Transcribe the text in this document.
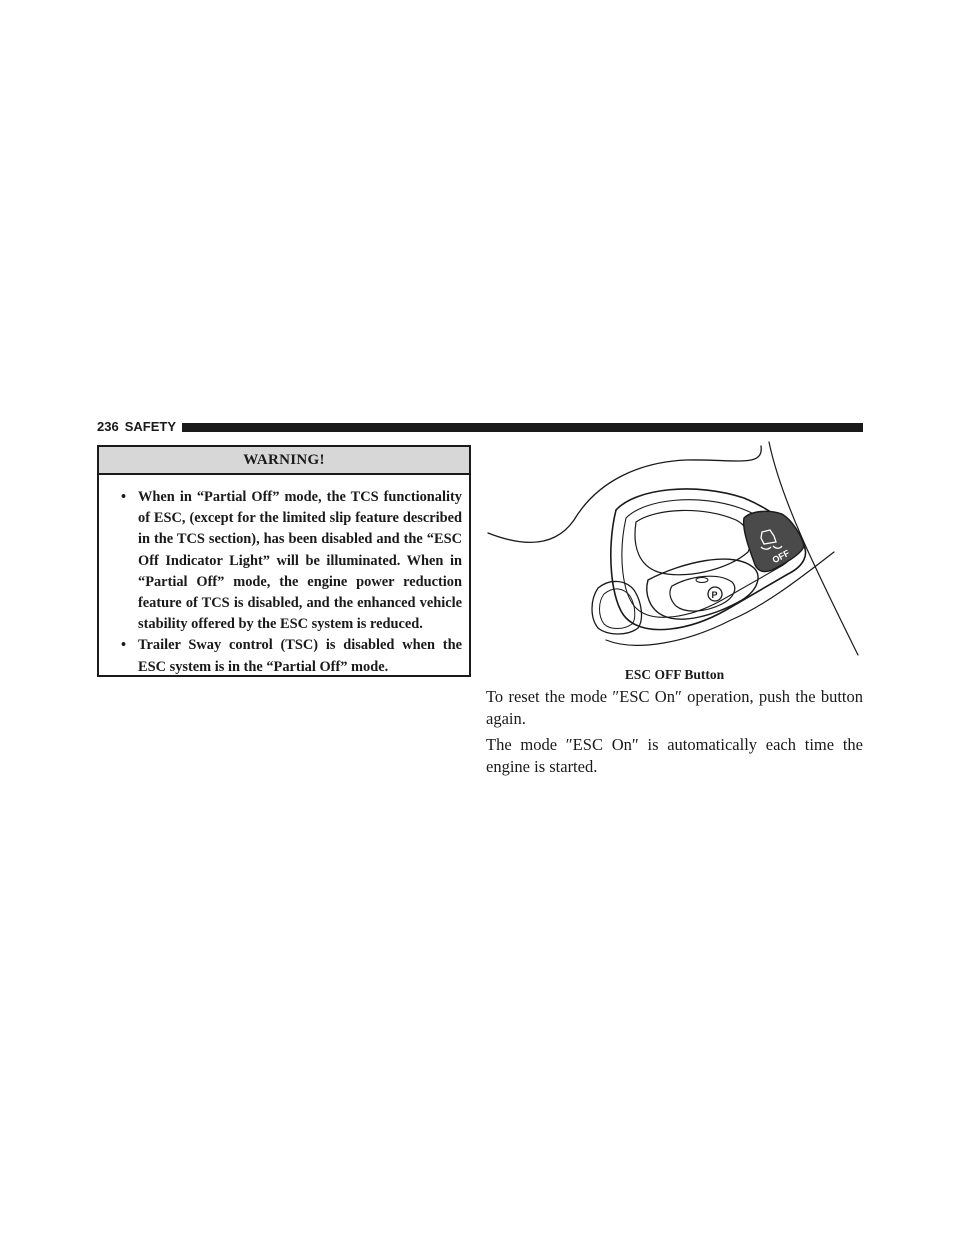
236 SAFETY
WARNING!
• When in “Partial Off” mode, the TCS functionality of ESC, (except for the limited slip feature described in the TCS section), has been disabled and the “ESC Off Indicator Light” will be illuminated. When in “Partial Off” mode, the engine power reduction feature of TCS is disabled, and the enhanced vehicle stability offered by the ESC system is reduced.
• Trailer Sway control (TSC) is disabled when the ESC system is in the “Partial Off” mode.
OFF
P
ESC OFF Button

To reset the mode ″ESC On″ operation, push the button again.

The mode ″ESC On″ is automatically each time the engine is started.
